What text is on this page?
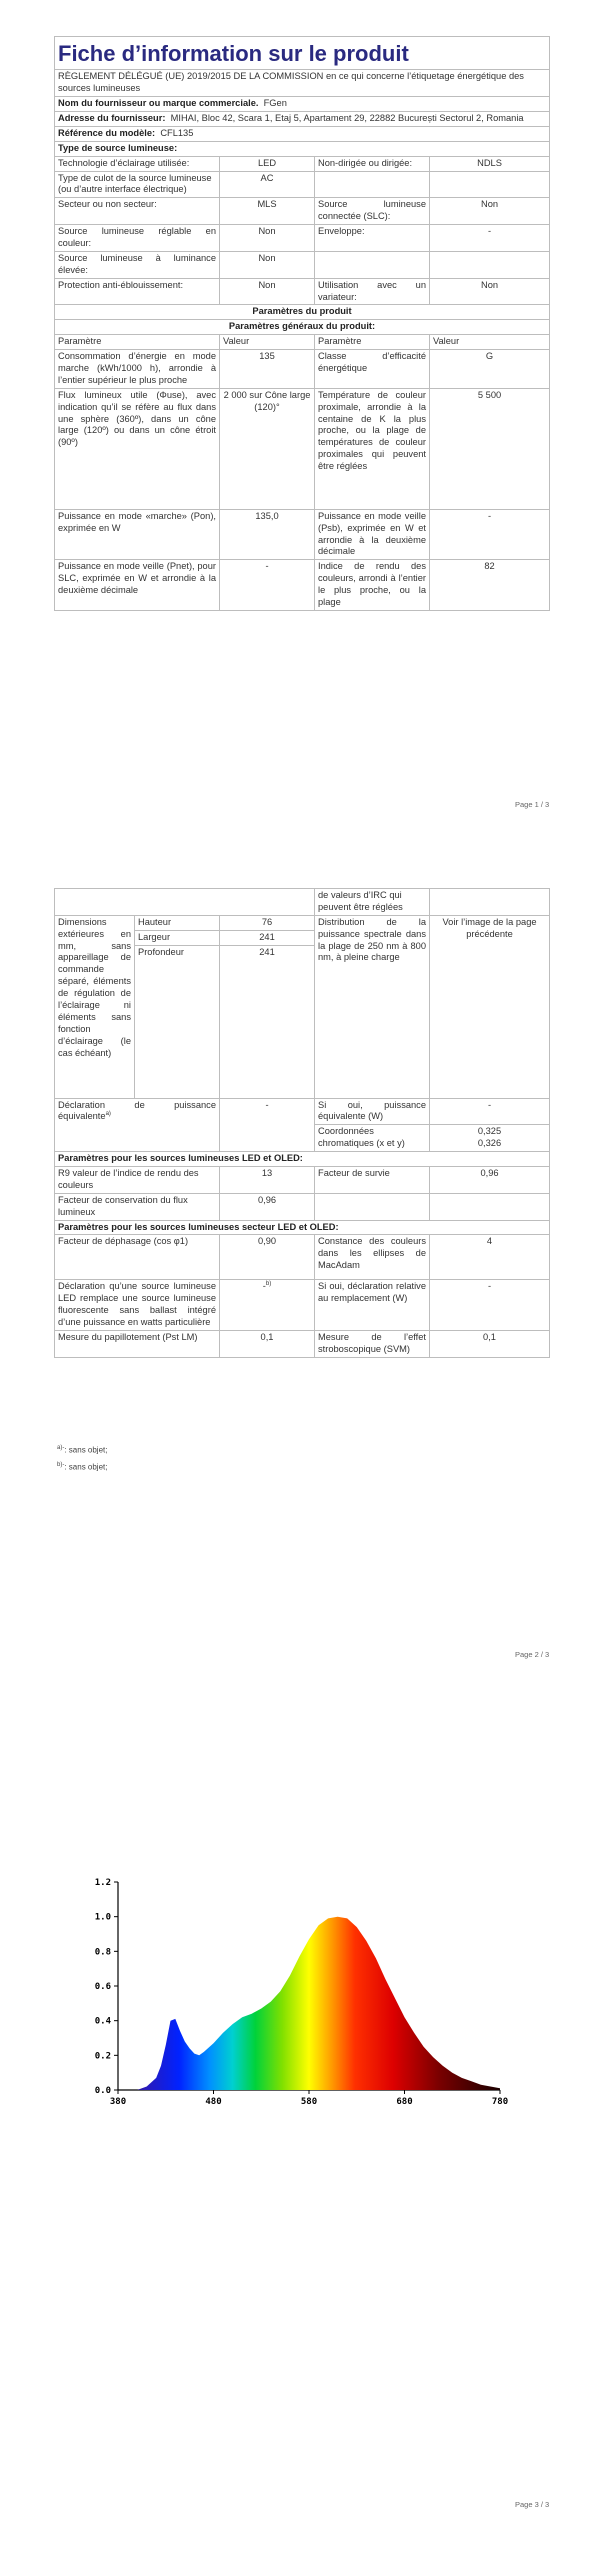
Fiche d’information sur le produit			
RÈGLEMENT DÉLÉGUÉ (UE) 2019/2015 DE LA COMMISSION en ce qui concerne l’étiquetage énergétique des sources lumineuses			
Nom du fournisseur ou marque commerciale. FGen			
Adresse du fournisseur: MIHAI, Bloc 42, Scara 1, Etaj 5, Apartament 29, 22882 București Sectorul 2, Romania			
Référence du modèle: CFL135			
Type de source lumineuse:			
Technologie d’éclairage utilisée:	LED	Non-dirigée ou dirigée:	NDLS
Type de culot de la source lumineuse
(ou d’autre interface électrique)	AC		
Secteur ou non secteur:	MLS	Source lumineuse connectée (SLC):	Non
Source lumineuse réglable en couleur:	Non	Enveloppe:	-
Source lumineuse à luminance élevée:	Non		
Protection anti-éblouissement:	Non	Utilisation avec un variateur:	Non
Paramètres du produit			
Paramètres généraux du produit:			
Paramètre	Valeur	Paramètre	Valeur
Consommation d’énergie en mode marche (kWh/1000 h), arrondie à l’entier supérieur le plus proche	135	Classe d’efficacité énergétique	G
Flux lumineux utile (Φuse), avec indication qu’il se réfère au flux dans une sphère (360º), dans un cône large (120º) ou dans un cône étroit (90º)	2 000 sur Cône large (120)°	Température de couleur proximale, arrondie à la centaine de K la plus proche, ou la plage de températures de couleur proximales qui peuvent être réglées	5 500
Puissance en mode «marche» (Pon), exprimée en W	135,0	Puissance en mode veille (Psb), exprimée en W et arrondie à la deuxième décimale	-
Puissance en mode veille (Pnet), pour SLC, exprimée en W et arrondie à la deuxième décimale	-	Indice de rendu des couleurs, arrondi à l’entier le plus proche, ou la plage	82
Page 1 / 3
			de valeurs d’IRC qui peuvent être réglées	
Dimensions extérieures en mm, sans appareillage de commande séparé, éléments de régulation de l’éclairage ni éléments sans fonction d’éclairage (le cas échéant)	Hauteur	76	Distribution de la puissance spectrale dans la plage de 250 nm à 800 nm, à pleine charge	Voir l’image de la page précédente
	Largeur	241		
	Profondeur	241		
Déclaration de puissance équivalente$^{a)}$		-	Si oui, puissance équivalente (W)	-
			Coordonnées chromatiques (x et y)	0,325
0,326

Paramètres pour les sources lumineuses LED et OLED:				
R9 valeur de l’indice de rendu des couleurs		13	Facteur de survie	0,96
Facteur de conservation du flux lumineux		0,96		
Paramètres pour les sources lumineuses secteur LED et OLED:				
Facteur de déphasage (cos φ1)		0,90	Constance des couleurs dans les ellipses de MacAdam	4
Déclaration qu’une source lumineuse LED remplace une source lumineuse fluorescente sans ballast intégré d’une puissance en watts particulière		-$^{b)}$	Si oui, déclaration relative au remplacement (W)	-
Mesure du papillotement (Pst LM)		0,1	Mesure de l’effet stroboscopique (SVM)	0,1
$^{a)-}$: sans objet;
$^{b)-}$: sans objet;
Page 2 / 3
0.0
0.2
0.4
0.6
0.8
1.0
1.2
380	480	580	680	780
Page 3 / 3
